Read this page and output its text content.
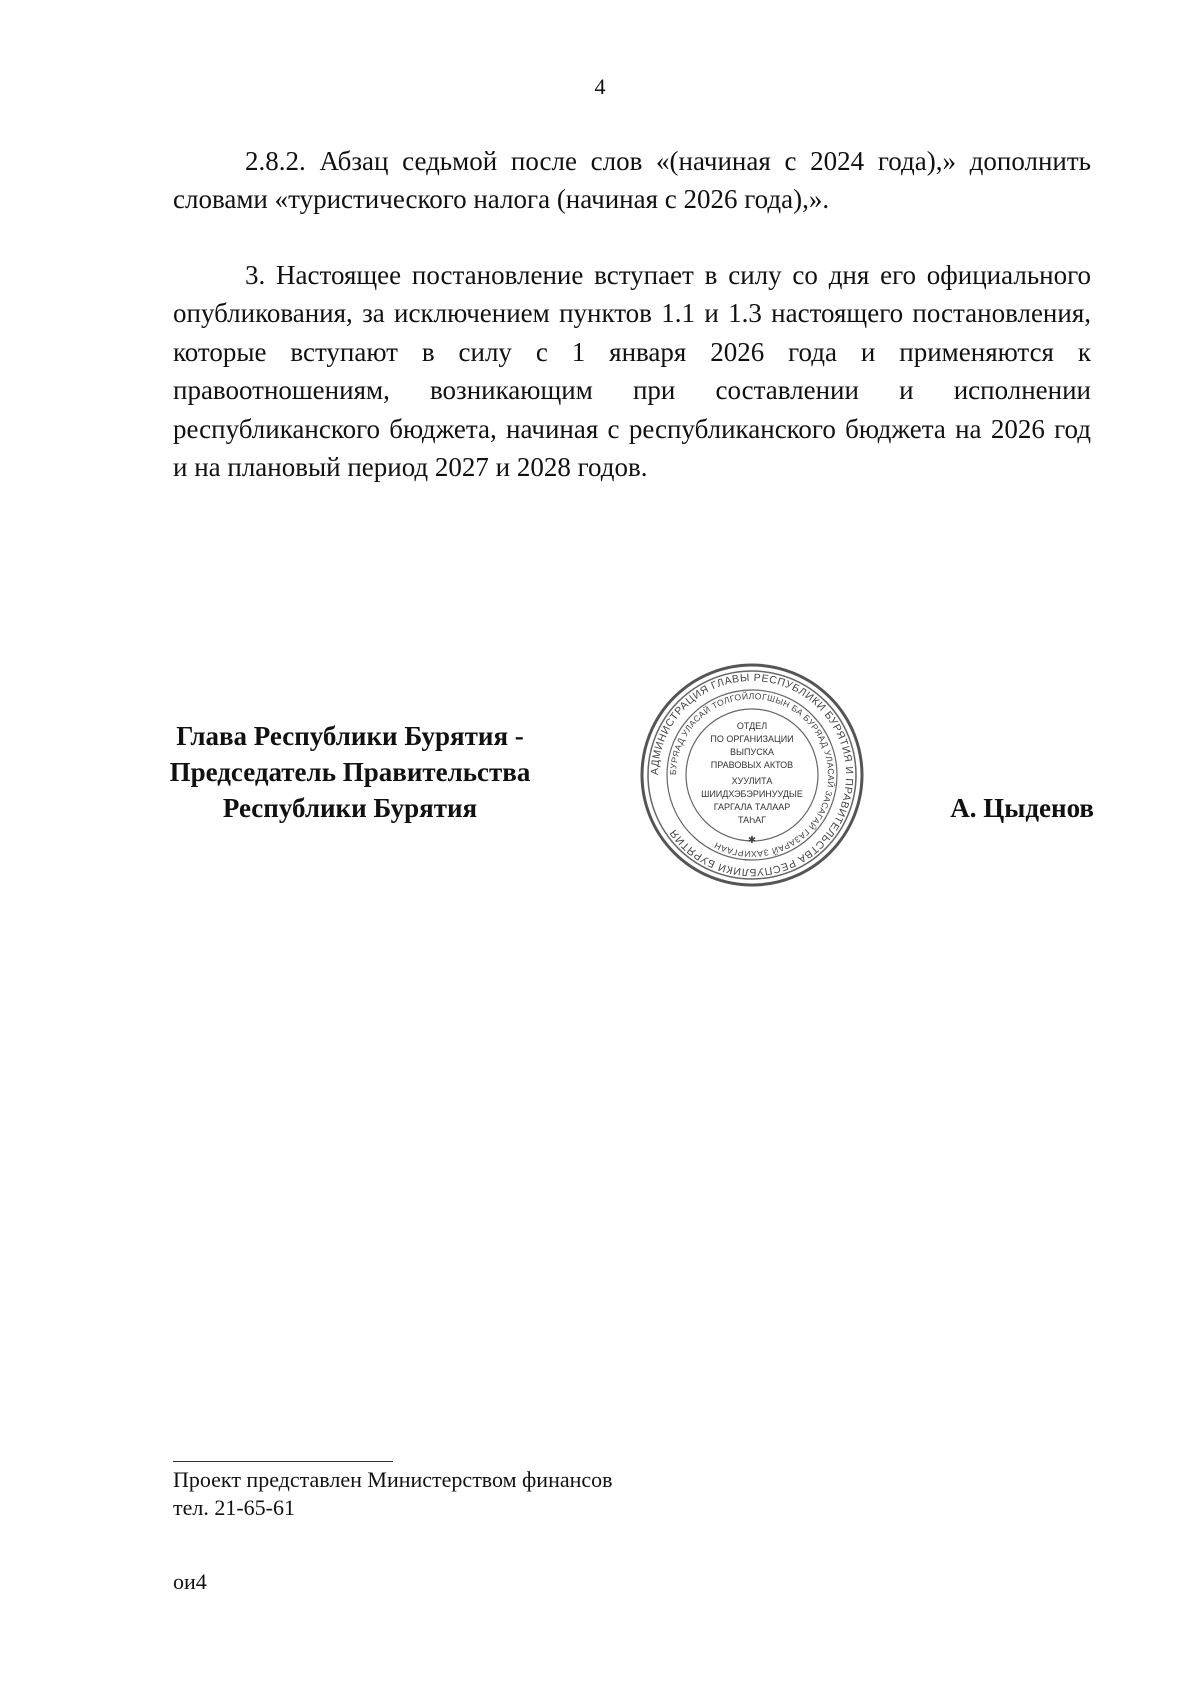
4

2.8.2. Абзац седьмой после слов «(начиная с 2024 года),» дополнить словами «туристического налога (начиная с 2026 года),».

3. Настоящее постановление вступает в силу со дня его официального опубликования, за исключением пунктов 1.1 и 1.3 настоящего постановления, которые вступают в силу с 1 января 2026 года и применяются к правоотношениям, возникающим при составлении и исполнении республиканского бюджета, начиная с республиканского бюджета на 2026 год и на плановый период 2027 и 2028 годов.

Глава Республики Бурятия -
Председатель Правительства
Республики Бурятия
АДМИНИСТРАЦИЯ ГЛАВЫ РЕСПУБЛИКИ БУРЯТИЯ И ПРАВИТЕЛЬСТВА РЕСПУБЛИКИ БУРЯТИЯ
БУРЯАД УЛАСАЙ ТОЛГОЙЛОГШЫН БА БУРЯАД УЛАСАЙ ЗАСАГАЙ ГАЗАРАЙ ЗАХИРГААН
ОТДЕЛ
ПО ОРГАНИЗАЦИИ
ВЫПУСКА
ПРАВОВЫХ АКТОВ
ХУУЛИТА
ШИИДХЭБЭРИНУУДЫЕ
ГАРГАЛА ТАЛААР
ТАҺАГ
✱
А. Цыденов
Проект представлен Министерством финансов
тел. 21-65-61
ои4
